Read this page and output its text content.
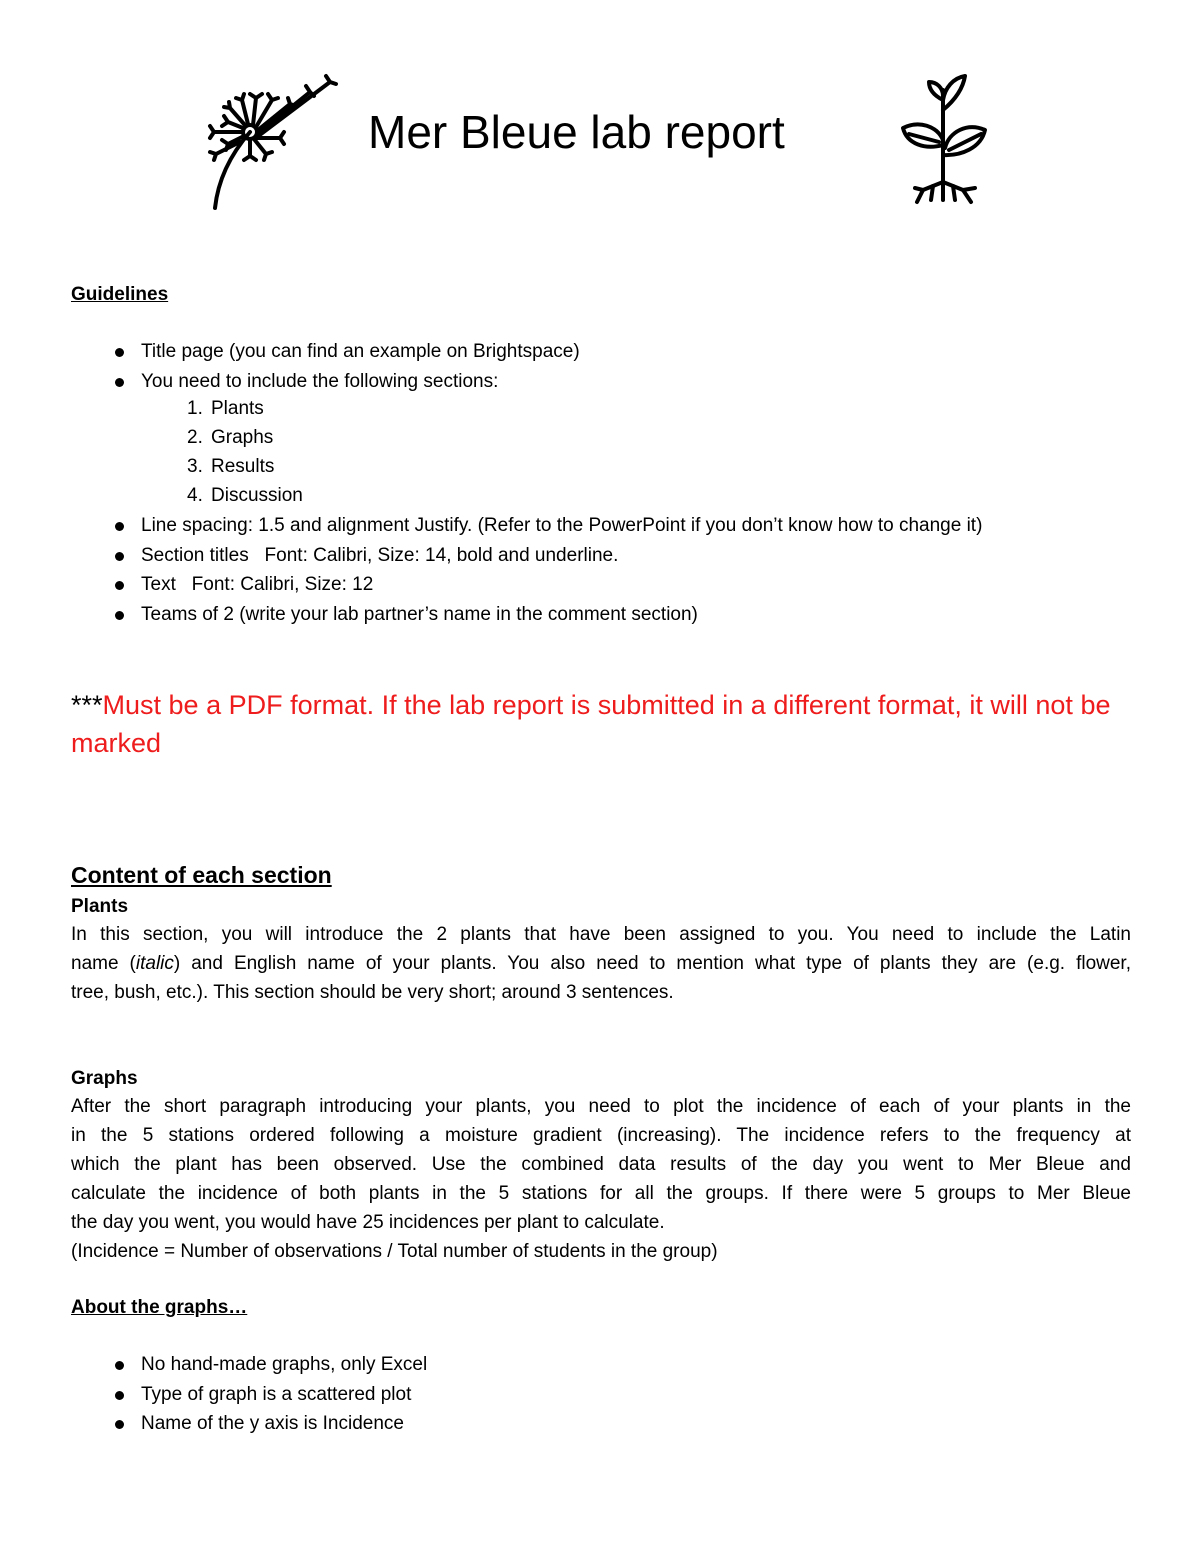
Mer Bleue lab report
Guidelines
Title page (you can find an example on Brightspace)
You need to include the following sections:
1. Plants
2. Graphs
3. Results
4. Discussion
Line spacing: 1.5 and alignment Justify. (Refer to the PowerPoint if you don’t know how to change it)
Section titles   Font: Calibri, Size: 14, bold and underline.
Text   Font: Calibri, Size: 12
Teams of 2 (write your lab partner’s name in the comment section)

***Must be a PDF format. If the lab report is submitted in a different format, it will not be marked

Content of each section
Plants
In this section, you will introduce the 2 plants that have been assigned to you. You need to include the Latin
name (italic) and English name of your plants. You also need to mention what type of plants they are (e.g. flower,
tree, bush, etc.). This section should be very short; around 3 sentences.
Graphs
After the short paragraph introducing your plants, you need to plot the incidence of each of your plants in the
in the 5 stations ordered following a moisture gradient (increasing). The incidence refers to the frequency at
which the plant has been observed. Use the combined data results of the day you went to Mer Bleue and
calculate the incidence of both plants in the 5 stations for all the groups. If there were 5 groups to Mer Bleue
the day you went, you would have 25 incidences per plant to calculate.
(Incidence = Number of observations / Total number of students in the group)
About the graphs…
No hand-made graphs, only Excel
Type of graph is a scattered plot
Name of the y axis is Incidence
